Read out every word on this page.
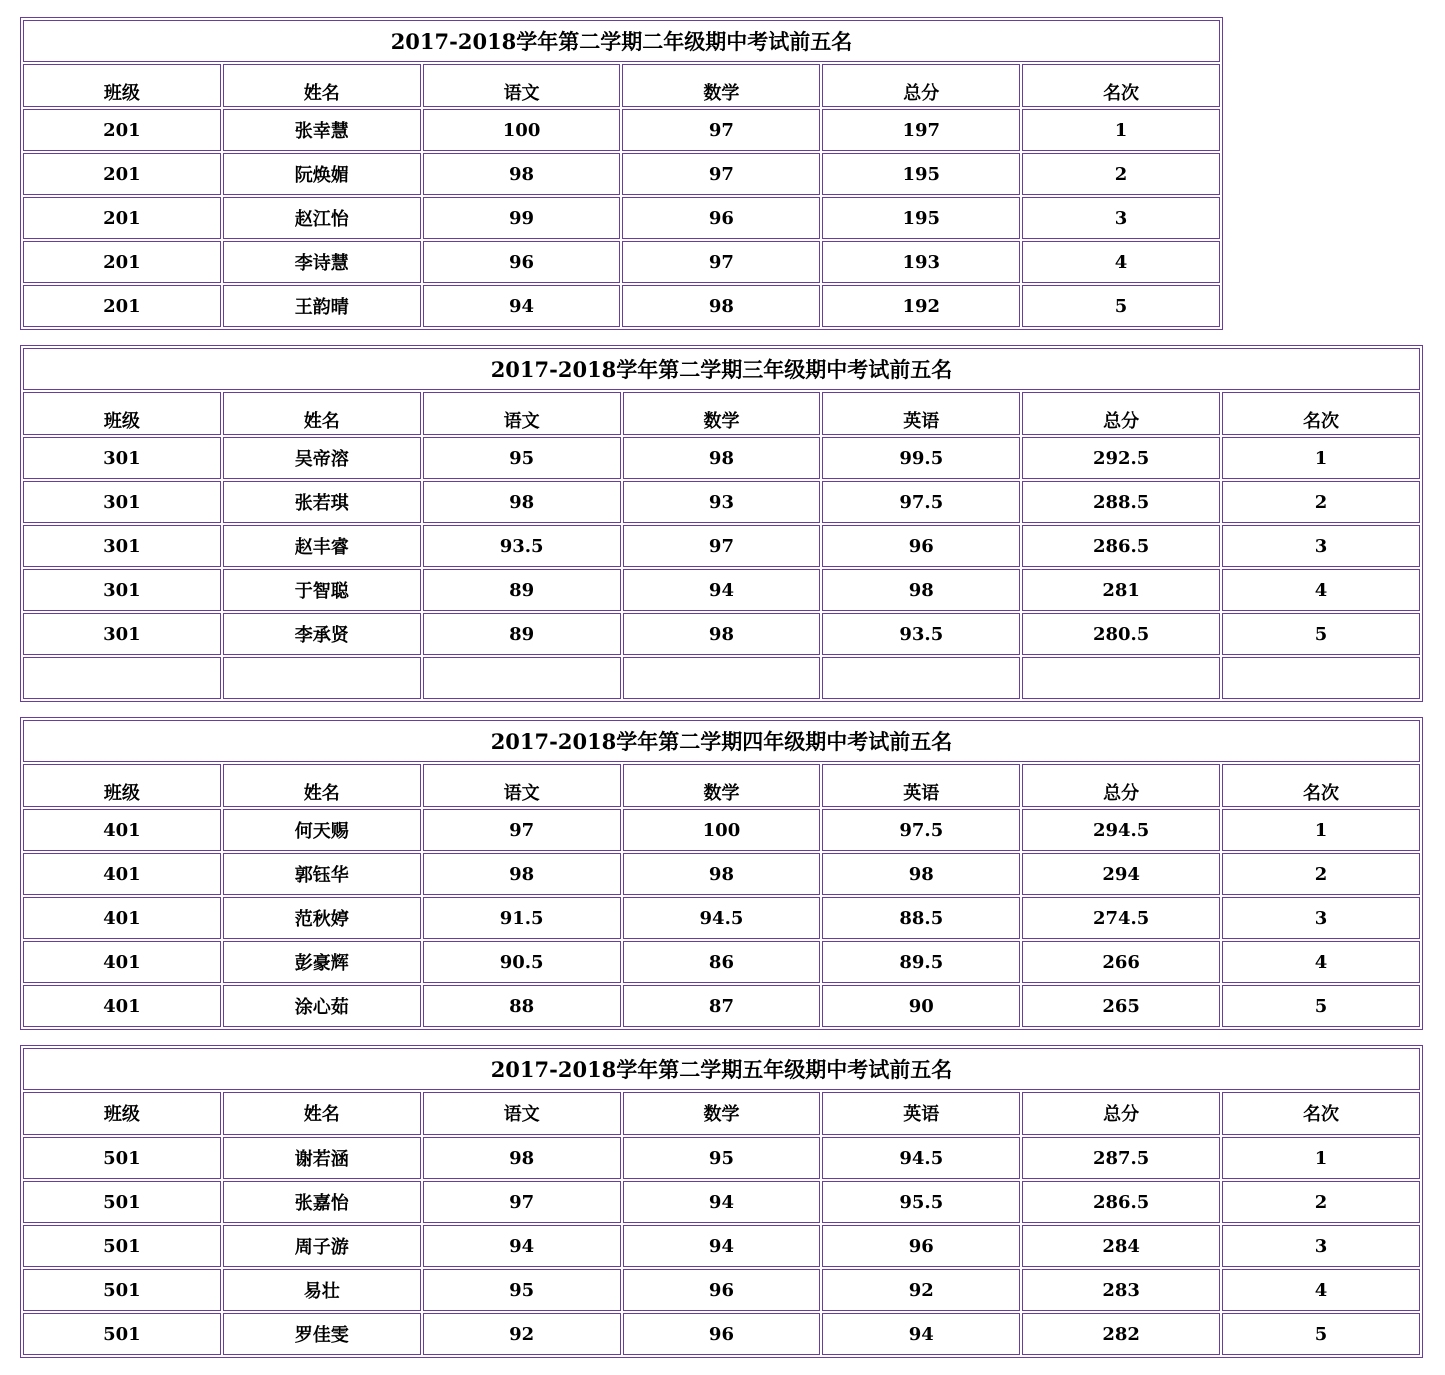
2017-2018学年第二学期二年级期中考试前五名					
班级	姓名	语文	数学	总分	名次
201	张幸慧	100	97	197	1
201	阮焕媚	98	97	195	2
201	赵江怡	99	96	195	3
201	李诗慧	96	97	193	4
201	王韵晴	94	98	192	5
2017-2018学年第二学期三年级期中考试前五名						
班级	姓名	语文	数学	英语	总分	名次
301	吴帝溶	95	98	99.5	292.5	1
301	张若琪	98	93	97.5	288.5	2
301	赵丰睿	93.5	97	96	286.5	3
301	于智聪	89	94	98	281	4
301	李承贤	89	98	93.5	280.5	5

2017-2018学年第二学期四年级期中考试前五名						
班级	姓名	语文	数学	英语	总分	名次
401	何天赐	97	100	97.5	294.5	1
401	郭钰华	98	98	98	294	2
401	范秋婷	91.5	94.5	88.5	274.5	3
401	彭豪辉	90.5	86	89.5	266	4
401	涂心茹	88	87	90	265	5
2017-2018学年第二学期五年级期中考试前五名						
班级	姓名	语文	数学	英语	总分	名次
501	谢若涵	98	95	94.5	287.5	1
501	张嘉怡	97	94	95.5	286.5	2
501	周子游	94	94	96	284	3
501	易壮	95	96	92	283	4
501	罗佳雯	92	96	94	282	5
